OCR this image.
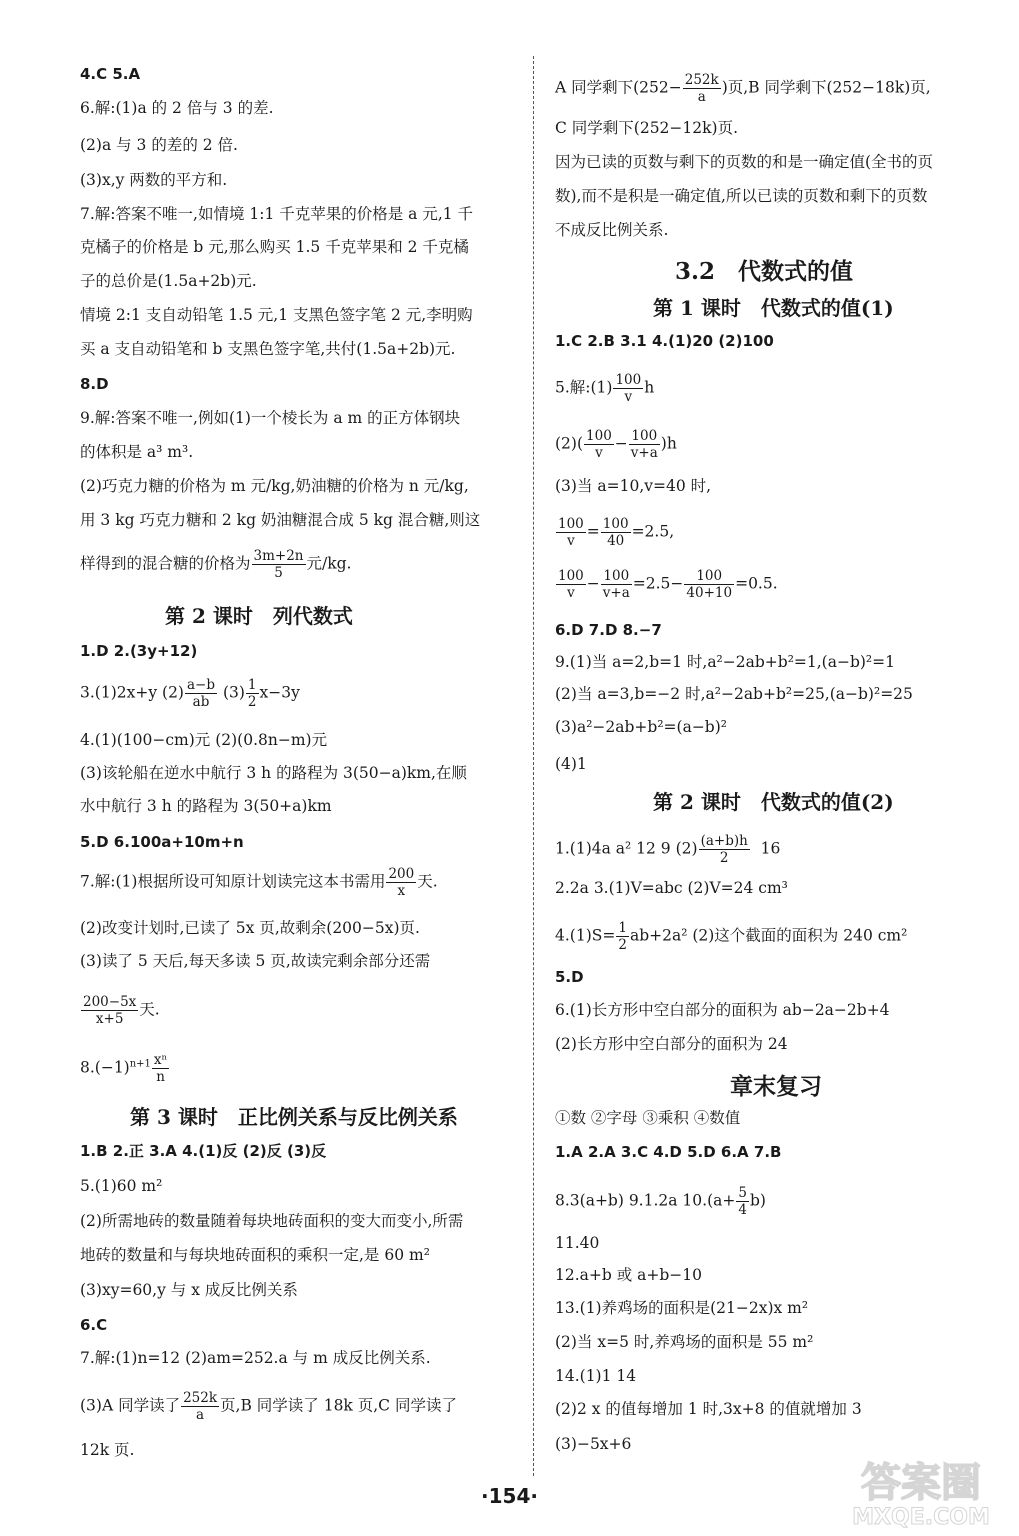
4.C 5.A
6.解:(1)a 的 2 倍与 3 的差.
(2)a 与 3 的差的 2 倍.
(3)x,y 两数的平方和.
7.解:答案不唯一,如情境 1:1 千克苹果的价格是 a 元,1 千
克橘子的价格是 b 元,那么购买 1.5 千克苹果和 2 千克橘
子的总价是(1.5a+2b)元.
情境 2:1 支自动铅笔 1.5 元,1 支黑色签字笔 2 元,李明购
买 a 支自动铅笔和 b 支黑色签字笔,共付(1.5a+2b)元.
8.D
9.解:答案不唯一,例如(1)一个棱长为 a m 的正方体钢块
的体积是 a³ m³.
(2)巧克力糖的价格为 m 元/kg,奶油糖的价格为 n 元/kg,
用 3 kg 巧克力糖和 2 kg 奶油糖混合成 5 kg 混合糖,则这
样得到的混合糖的价格为 $\frac{3m+2n}{5}$ 元/kg.
第 2 课时　列代数式
1.D 2.(3y+12)
3.(1)2x+y $(2) \frac{a-b}{ab} (3) \frac{1}{2} x-3y$
4.(1)(100−cm)元 (2)(0.8n−m)元
(3)该轮船在逆水中航行 3 h 的路程为 3(50−a)km,在顺
水中航行 3 h 的路程为 3(50+a)km
5.D 6.100a+10m+n
7.解:(1)根据所设可知原计划读完这本书需用 $\frac{200}{x}$ 天.
(2)改变计划时,已读了 5x 页,故剩余(200−5x)页.
(3)读了 5 天后,每天多读 5 页,故读完剩余部分还需
$\frac{200-5x}{x+5}$ 天.
$8.(-1)^{n+1} \frac{\text{xⁿ}}{n}$
第 3 课时　正比例关系与反比例关系
1.B 2.正 3.A 4.(1)反 (2)反 (3)反
5.(1)60 m²
(2)所需地砖的数量随着每块地砖面积的变大而变小,所需
地砖的数量和与每块地砖面积的乘积一定,是 60 m²
(3)xy=60,y 与 x 成反比例关系
6.C
7.解:(1)n=12 (2)am=252.a 与 m 成反比例关系.
(3)A 同学读了 $\frac{252k}{a}$ 页,B 同学读了 18k 页,C 同学读了
12k 页.
A 同学剩下($252- \frac{252k}{a}$ )页,B 同学剩下(252−18k)页,
C 同学剩下(252−12k)页.
因为已读的页数与剩下的页数的和是一确定值(全书的页
数),而不是积是一确定值,所以已读的页数和剩下的页数
不成反比例关系.
3.2　代数式的值
第 1 课时　代数式的值(1)
1.C 2.B 3.1 4.(1)20 (2)100
5.解:(1) $\frac{100}{v}$ h
$(2)( \frac{100}{v} - \frac{100}{v+a} )h$
(3)当 a=10,v=40 时,
$\frac{100}{v} = \frac{100}{40} =2.5$,
$\frac{100}{v} - \frac{100}{v+a} =2.5- \frac{100}{40+10} =0.5$.
6.D 7.D 8.−7
9.(1)当 a=2,b=1 时,a²−2ab+b²=1,(a−b)²=1
(2)当 a=3,b=−2 时,a²−2ab+b²=25,(a−b)²=25
(3)a²−2ab+b²=(a−b)²
(4)1
第 2 课时　代数式的值(2)
1.(1)4a a² 12 9 $(2) \frac{(a+b)h}{2} 16$
2.2a 3.(1)V=abc (2)V=24 cm³
$4.(1)S= \frac{1}{2} ab+2a^2$ (2)这个截面的面积为 240 cm²
5.D
6.(1)长方形中空白部分的面积为 ab−2a−2b+4
(2)长方形中空白部分的面积为 24
章末复习
①数 ②字母 ③乘积 ④数值
1.A 2.A 3.C 4.D 5.D 6.A 7.B
8.3(a+b) 9.1.2a $10.(a+ \frac{5}{4} b)$
11.40
12.a+b 或 a+b−10
13.(1)养鸡场的面积是(21−2x)x m²
(2)当 x=5 时,养鸡场的面积是 55 m²
14.(1)1 14
(2)2 x 的值每增加 1 时,3x+8 的值就增加 3
(3)−5x+6
·154·	答案圈
MXQE.COM
